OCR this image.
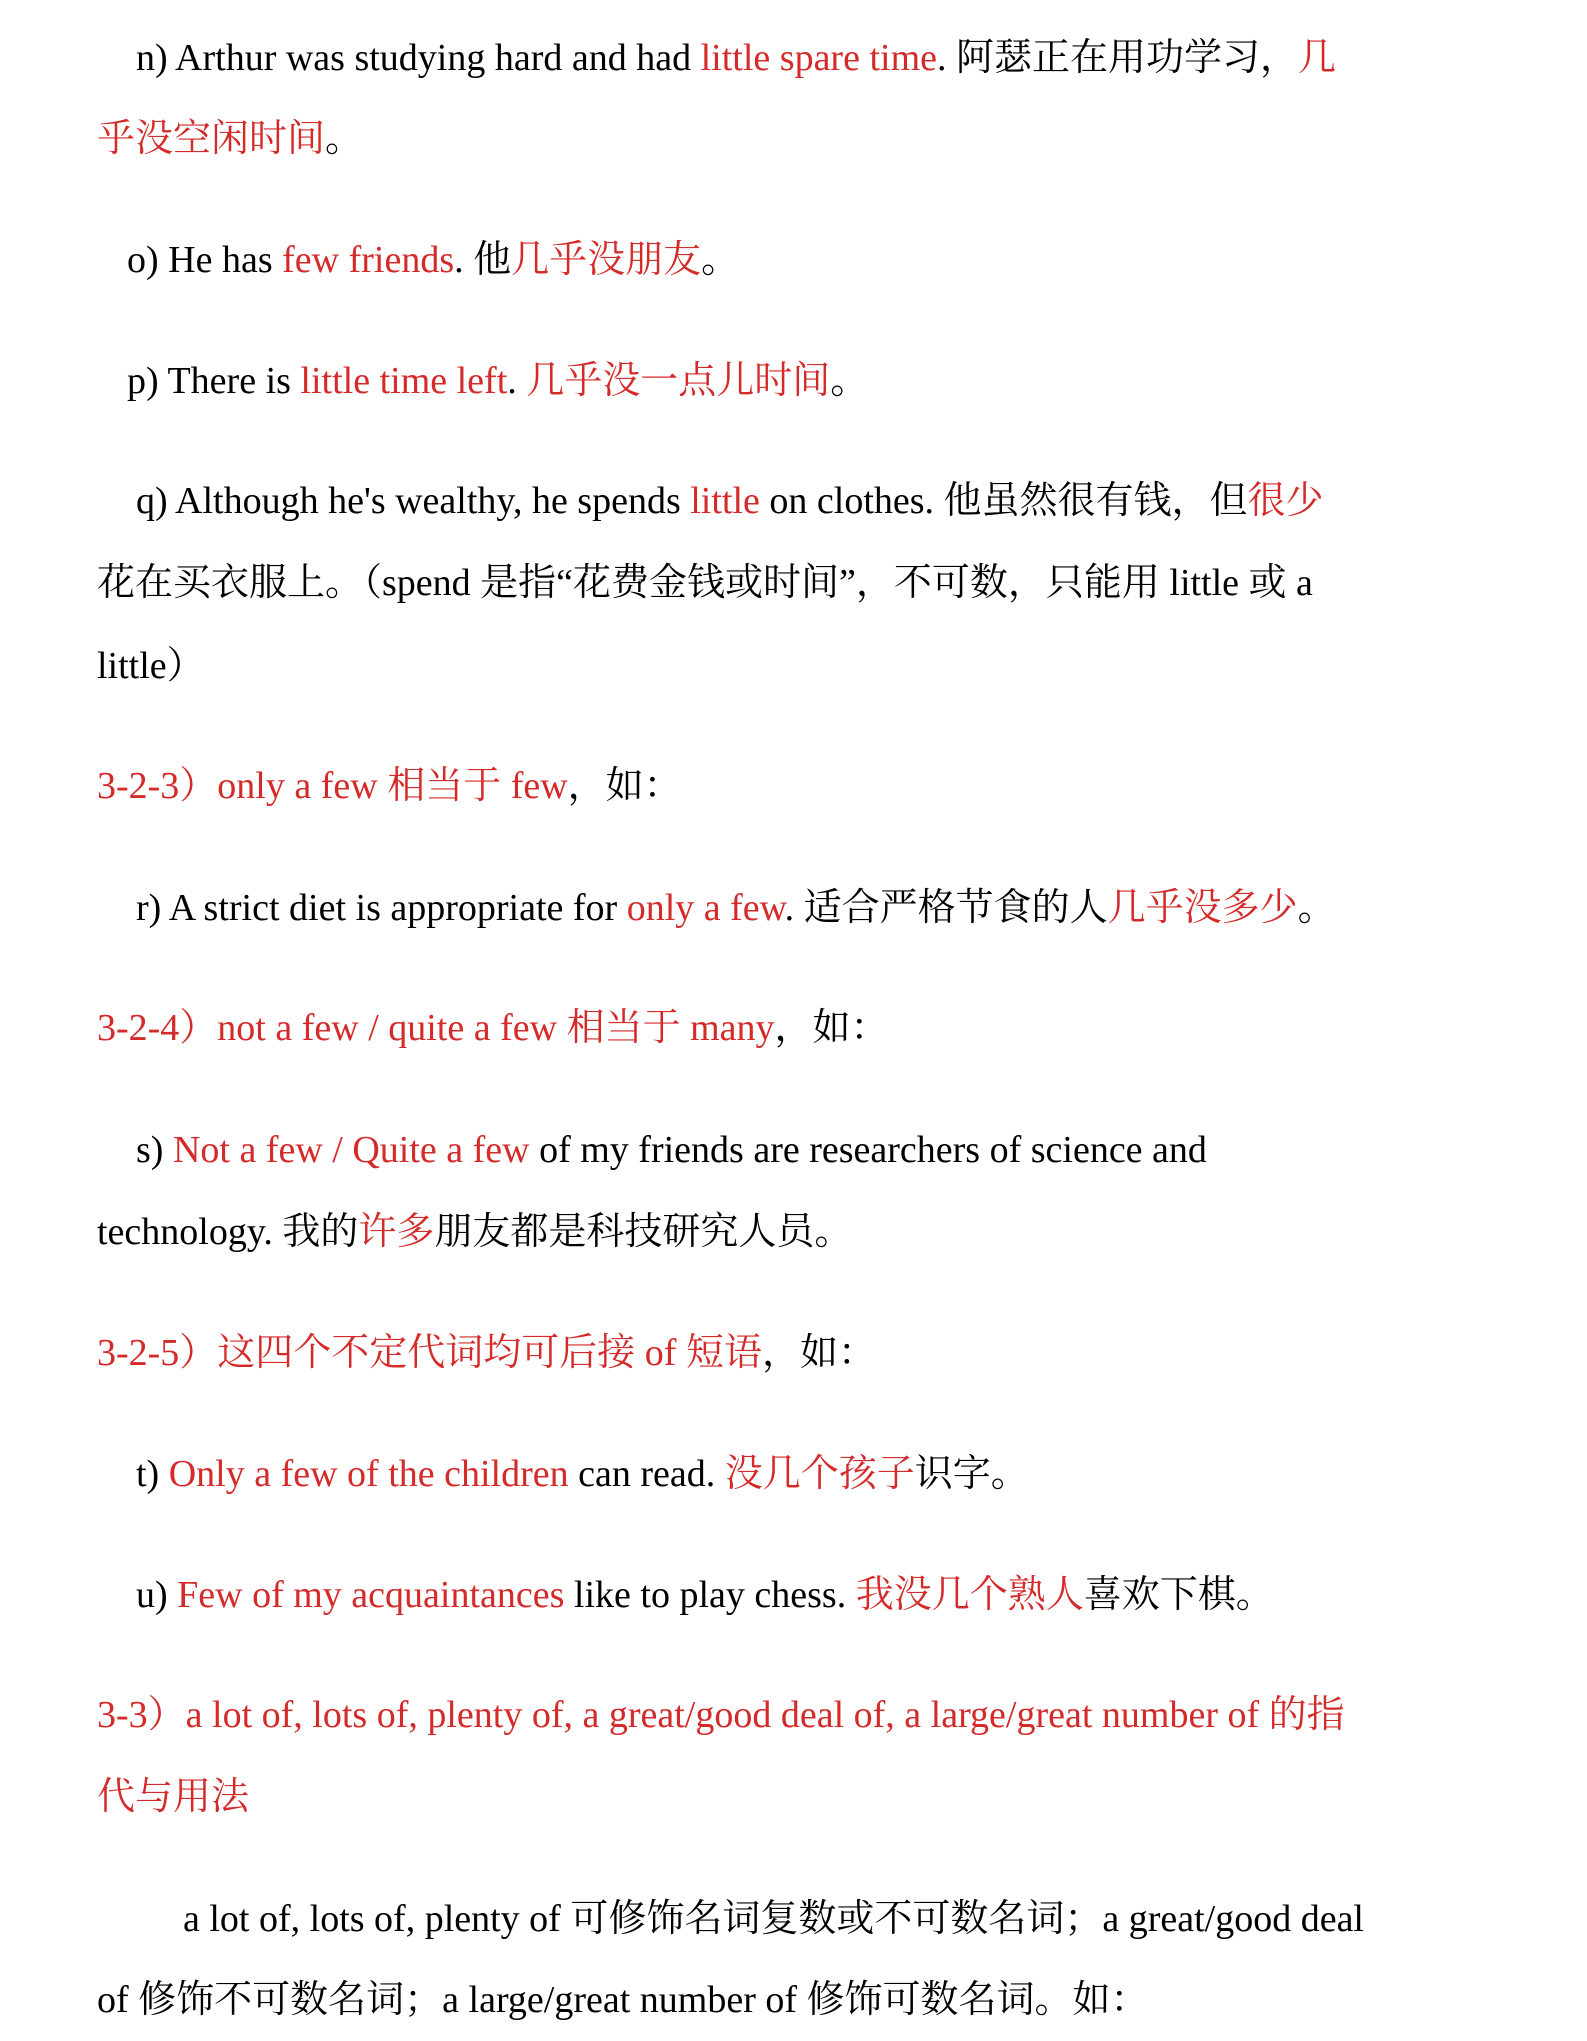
n) Arthur was studying hard and had little spare time. 阿瑟正在用功学习，几
乎没空闲时间。
o) He has few friends. 他几乎没朋友。
p) There is little time left. 几乎没一点儿时间。
q) Although he's wealthy, he spends little on clothes. 他虽然很有钱，但很少
花在买衣服上。（spend 是指“花费金钱或时间”，不可数，只能用 little 或 a
little）
3-2-3）only a few 相当于 few，如：
r) A strict diet is appropriate for only a few. 适合严格节食的人几乎没多少。
3-2-4）not a few / quite a few 相当于 many，如：
s) Not a few / Quite a few of my friends are researchers of science and
technology. 我的许多朋友都是科技研究人员。
3-2-5）这四个不定代词均可后接 of 短语，如：
t) Only a few of the children can read. 没几个孩子识字。
u) Few of my acquaintances like to play chess. 我没几个熟人喜欢下棋。
3-3）a lot of, lots of, plenty of, a great/good deal of, a large/great number of 的指
代与用法
a lot of, lots of, plenty of 可修饰名词复数或不可数名词；a great/good deal
of 修饰不可数名词；a large/great number of 修饰可数名词。如：
